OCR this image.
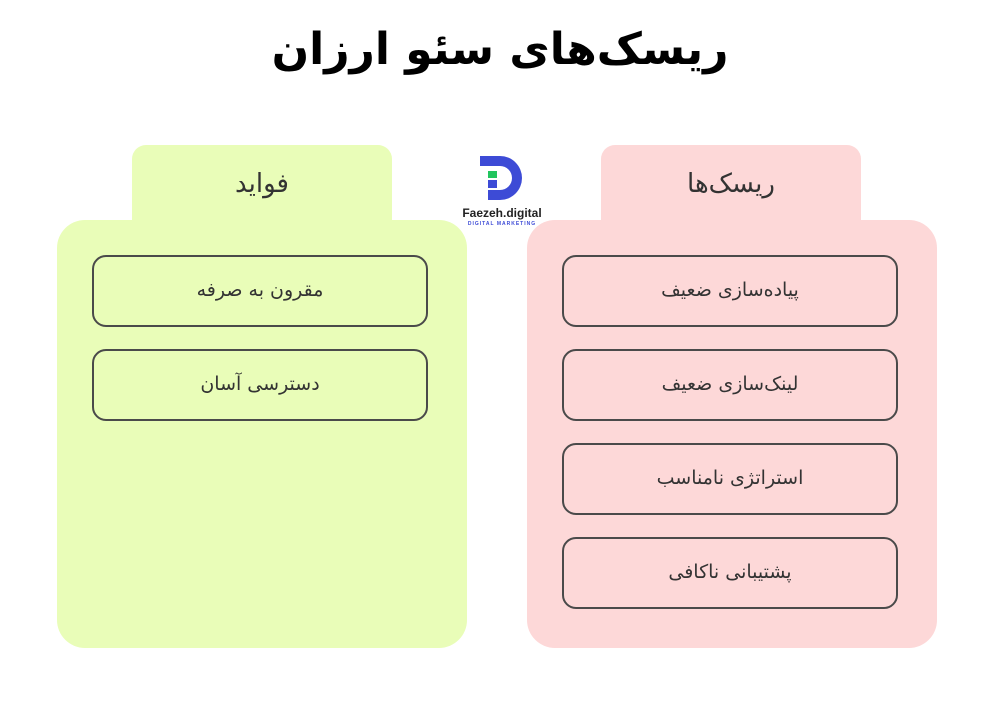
ریسک‌های سئو ارزان
فواید
مقرون به صرفه
دسترسی آسان
ریسک‌ها
پیاده‌سازی ضعیف
لینک‌سازی ضعیف
استراتژی نامناسب
پشتیبانی ناکافی
Faezeh.digital
DIGITAL MARKETING
